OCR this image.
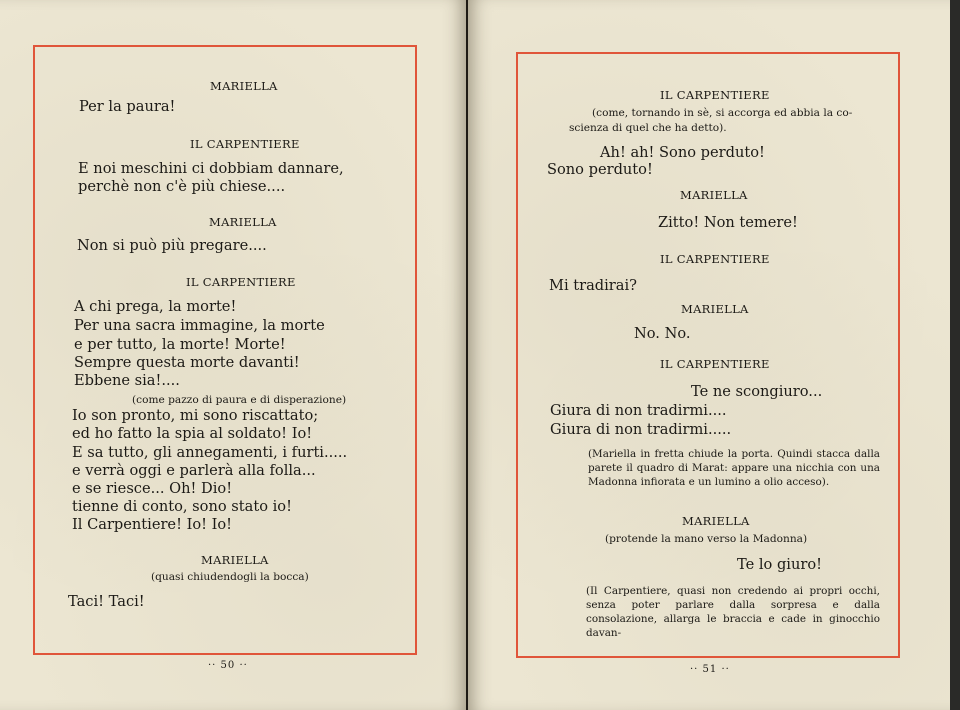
MARIELLA
Per la paura!
IL CARPENTIERE
E noi meschini ci dobbiam dannare,
perchè non c'è più chiese....
MARIELLA
Non si può più pregare....
IL CARPENTIERE
A chi prega, la morte!
Per una sacra immagine, la morte
e per tutto, la morte! Morte!
Sempre questa morte davanti!
Ebbene sia!....
(come pazzo di paura e di disperazione)
Io son pronto, mi sono riscattato;
ed ho fatto la spia al soldato! Io!
E sa tutto, gli annegamenti, i furti.....
e verrà oggi e parlerà alla folla...
e se riesce... Oh! Dio!
tienne di conto, sono stato io!
Il Carpentiere! Io! Io!
MARIELLA
(quasi chiudendogli la bocca)
Taci! Taci!
·· 50 ··
IL CARPENTIERE
(come, tornando in sè, si accorga ed abbia la co-
scienza di quel che ha detto).
Ah! ah! Sono perduto!
Sono perduto!
MARIELLA
Zitto! Non temere!
IL CARPENTIERE
Mi tradirai?
MARIELLA
No. No.
IL CARPENTIERE
Te ne scongiuro...
Giura di non tradirmi....
Giura di non tradirmi.....
(Mariella in fretta chiude la porta. Quindi stacca dalla parete il quadro di Marat: appare una nicchia con una Madonna infiorata e un lumino a olio acceso).
MARIELLA
(protende la mano verso la Madonna)
Te lo giuro!
(Il Carpentiere, quasi non credendo ai propri occhi, senza poter parlare dalla sorpresa e dalla consolazione, allarga le braccia e cade in ginocchio davan-
·· 51 ··
